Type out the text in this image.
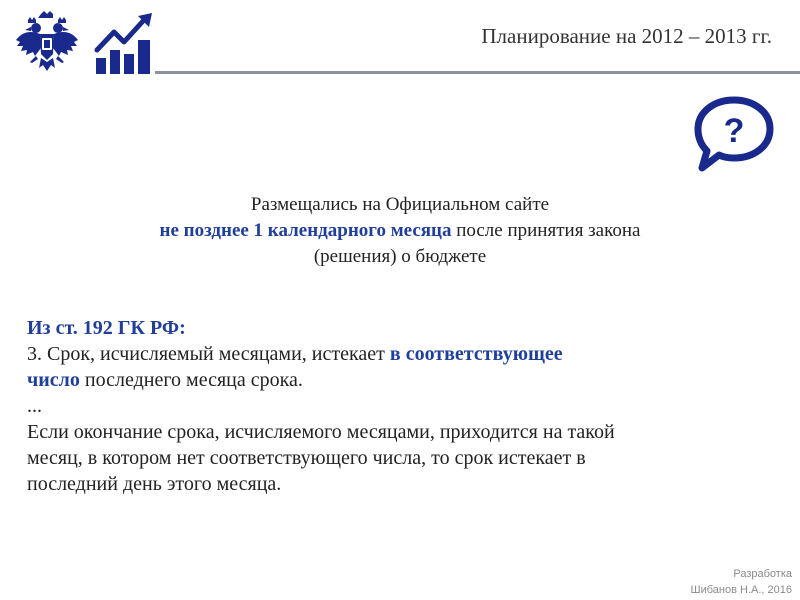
Планирование на 2012 – 2013 гг.
?
Размещались на Официальном сайте
не позднее 1 календарного месяца после принятия закона
(решения) о бюджете
Из ст. 192 ГК РФ:
3. Срок, исчисляемый месяцами, истекает в соответствующее
число последнего месяца срока.
...
Если окончание срока, исчисляемого месяцами, приходится на такой
месяц, в котором нет соответствующего числа, то срок истекает в
последний день этого месяца.
Разработка
Шибанов Н.А., 2016
